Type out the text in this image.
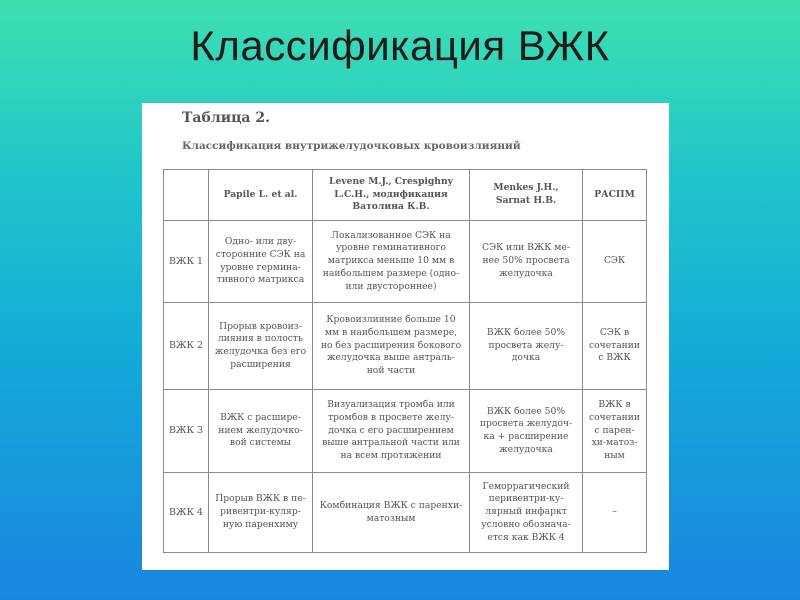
Классификация ВЖК
Таблица 2.
Классификация внутрижелудочковых кровоизлияний
	Papile L. et al.	Levene M.J., Crespighny
L.C.H., модификация
Ватолина К.В.	Menkes J.H.,
Sarnat H.B.	РАСПМ
ВЖК 1	Одно- или дву-
сторонние СЭК на
уровне гермина-
тивного матрикса	Локализованное СЭК на
уровне геминативного
матрикса меньше 10 мм в
наибольшем размере (одно-
или двустороннее)	СЭК или ВЖК ме-
нее 50% просвета
желудочка	СЭК
ВЖК 2	Прорыв кровоиз-
лияния в полость
желудочка без его
расширения	Кровоизлияние больше 10
мм в наибольшем размере,
но без расширения бокового
желудочка выше антраль-
ной части	ВЖК более 50%
просвета желу-
дочка	СЭК в
сочетании
с ВЖК
ВЖК 3	ВЖК с расшире-
нием желудочко-
вой системы	Визуализация тромба или
тромбов в просвете желу-
дочка с его расширением
выше антральной части или
на всем протяжении	ВЖК более 50%
просвета желудоч-
ка + расширение
желудочка	ВЖК в
сочетании
с парен-
хи-матоз-
ным
ВЖК 4	Прорыв ВЖК в пе-
ривентри-куляр-
ную паренхиму	Комбинация ВЖК с паренхи-
матозным	Геморрагический
перивентри-ку-
лярный инфаркт
условно обознача-
ется как ВЖК 4	–
